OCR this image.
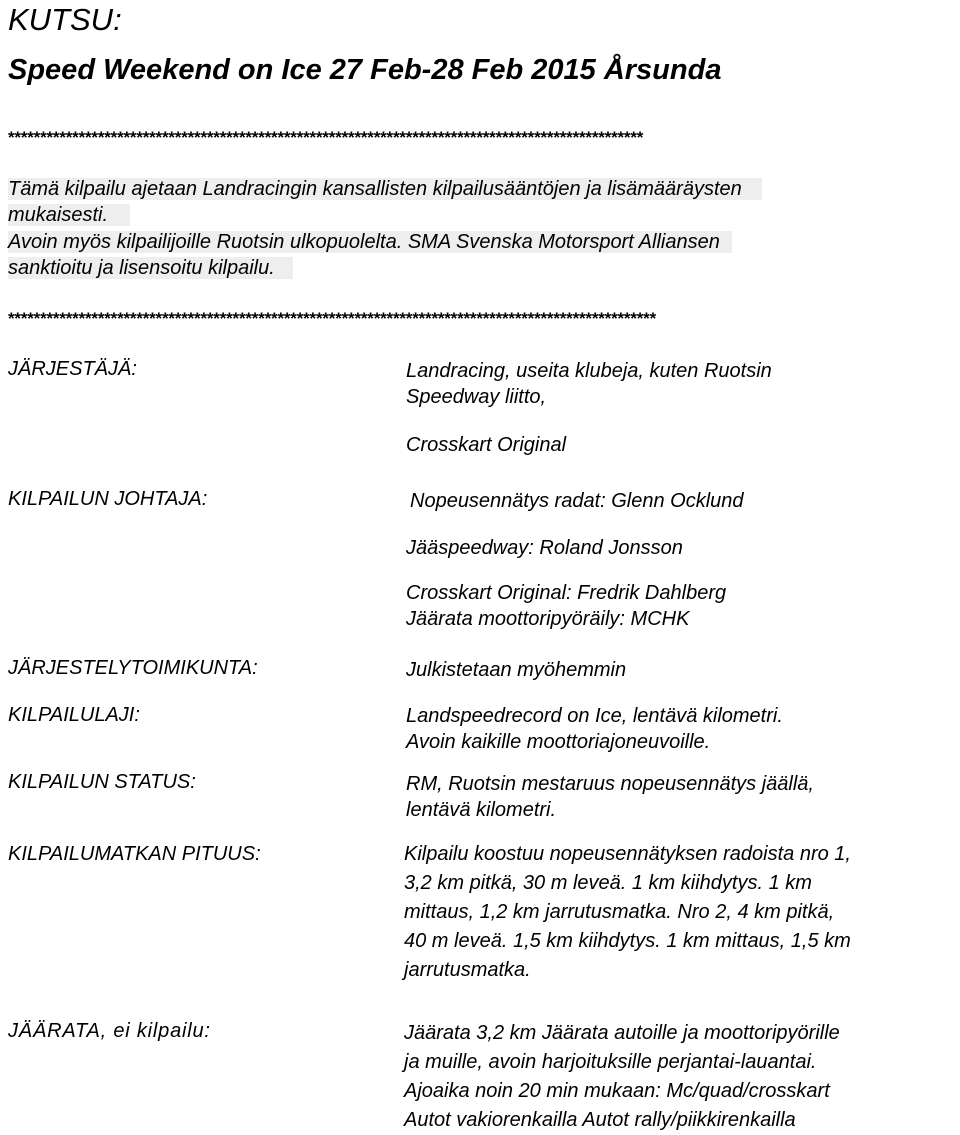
KUTSU:
Speed Weekend on Ice 27 Feb-28 Feb 2015 Årsunda
***************************************************************************************************
Tämä kilpailu ajetaan Landracingin kansallisten kilpailusääntöjen ja lisämääräysten
mukaisesti.
Avoin myös kilpailijoille Ruotsin ulkopuolelta. SMA Svenska Motorsport Alliansen
sanktioitu ja lisensoitu kilpailu.
*****************************************************************************************************
JÄRJESTÄJÄ:	Landracing, useita klubeja, kuten Ruotsin
Speedway liitto,
Crosskart Original
KILPAILUN JOHTAJA:	Nopeusennätys radat: Glenn Ocklund
Jääspeedway: Roland Jonsson
Crosskart Original: Fredrik Dahlberg
Jäärata moottoripyöräily: MCHK
JÄRJESTELYTOIMIKUNTA:	Julkistetaan myöhemmin
KILPAILULAJI:	Landspeedrecord on Ice, lentävä kilometri.
Avoin kaikille moottoriajoneuvoille.
KILPAILUN STATUS:	RM, Ruotsin mestaruus nopeusennätys jäällä,
lentävä kilometri.
KILPAILUMATKAN PITUUS:	Kilpailu koostuu nopeusennätyksen radoista nro 1,
3,2 km pitkä, 30 m leveä. 1 km kiihdytys. 1 km
mittaus, 1,2 km jarrutusmatka. Nro 2, 4 km pitkä,
40 m leveä. 1,5 km kiihdytys. 1 km mittaus, 1,5 km
jarrutusmatka.
JÄÄRATA, ei kilpailu:	Jäärata 3,2 km Jäärata autoille ja moottoripyörille
ja muille, avoin harjoituksille perjantai-lauantai.
Ajoaika noin 20 min mukaan: Mc/quad/crosskart
Autot vakiorenkailla Autot rally/piikkirenkailla
